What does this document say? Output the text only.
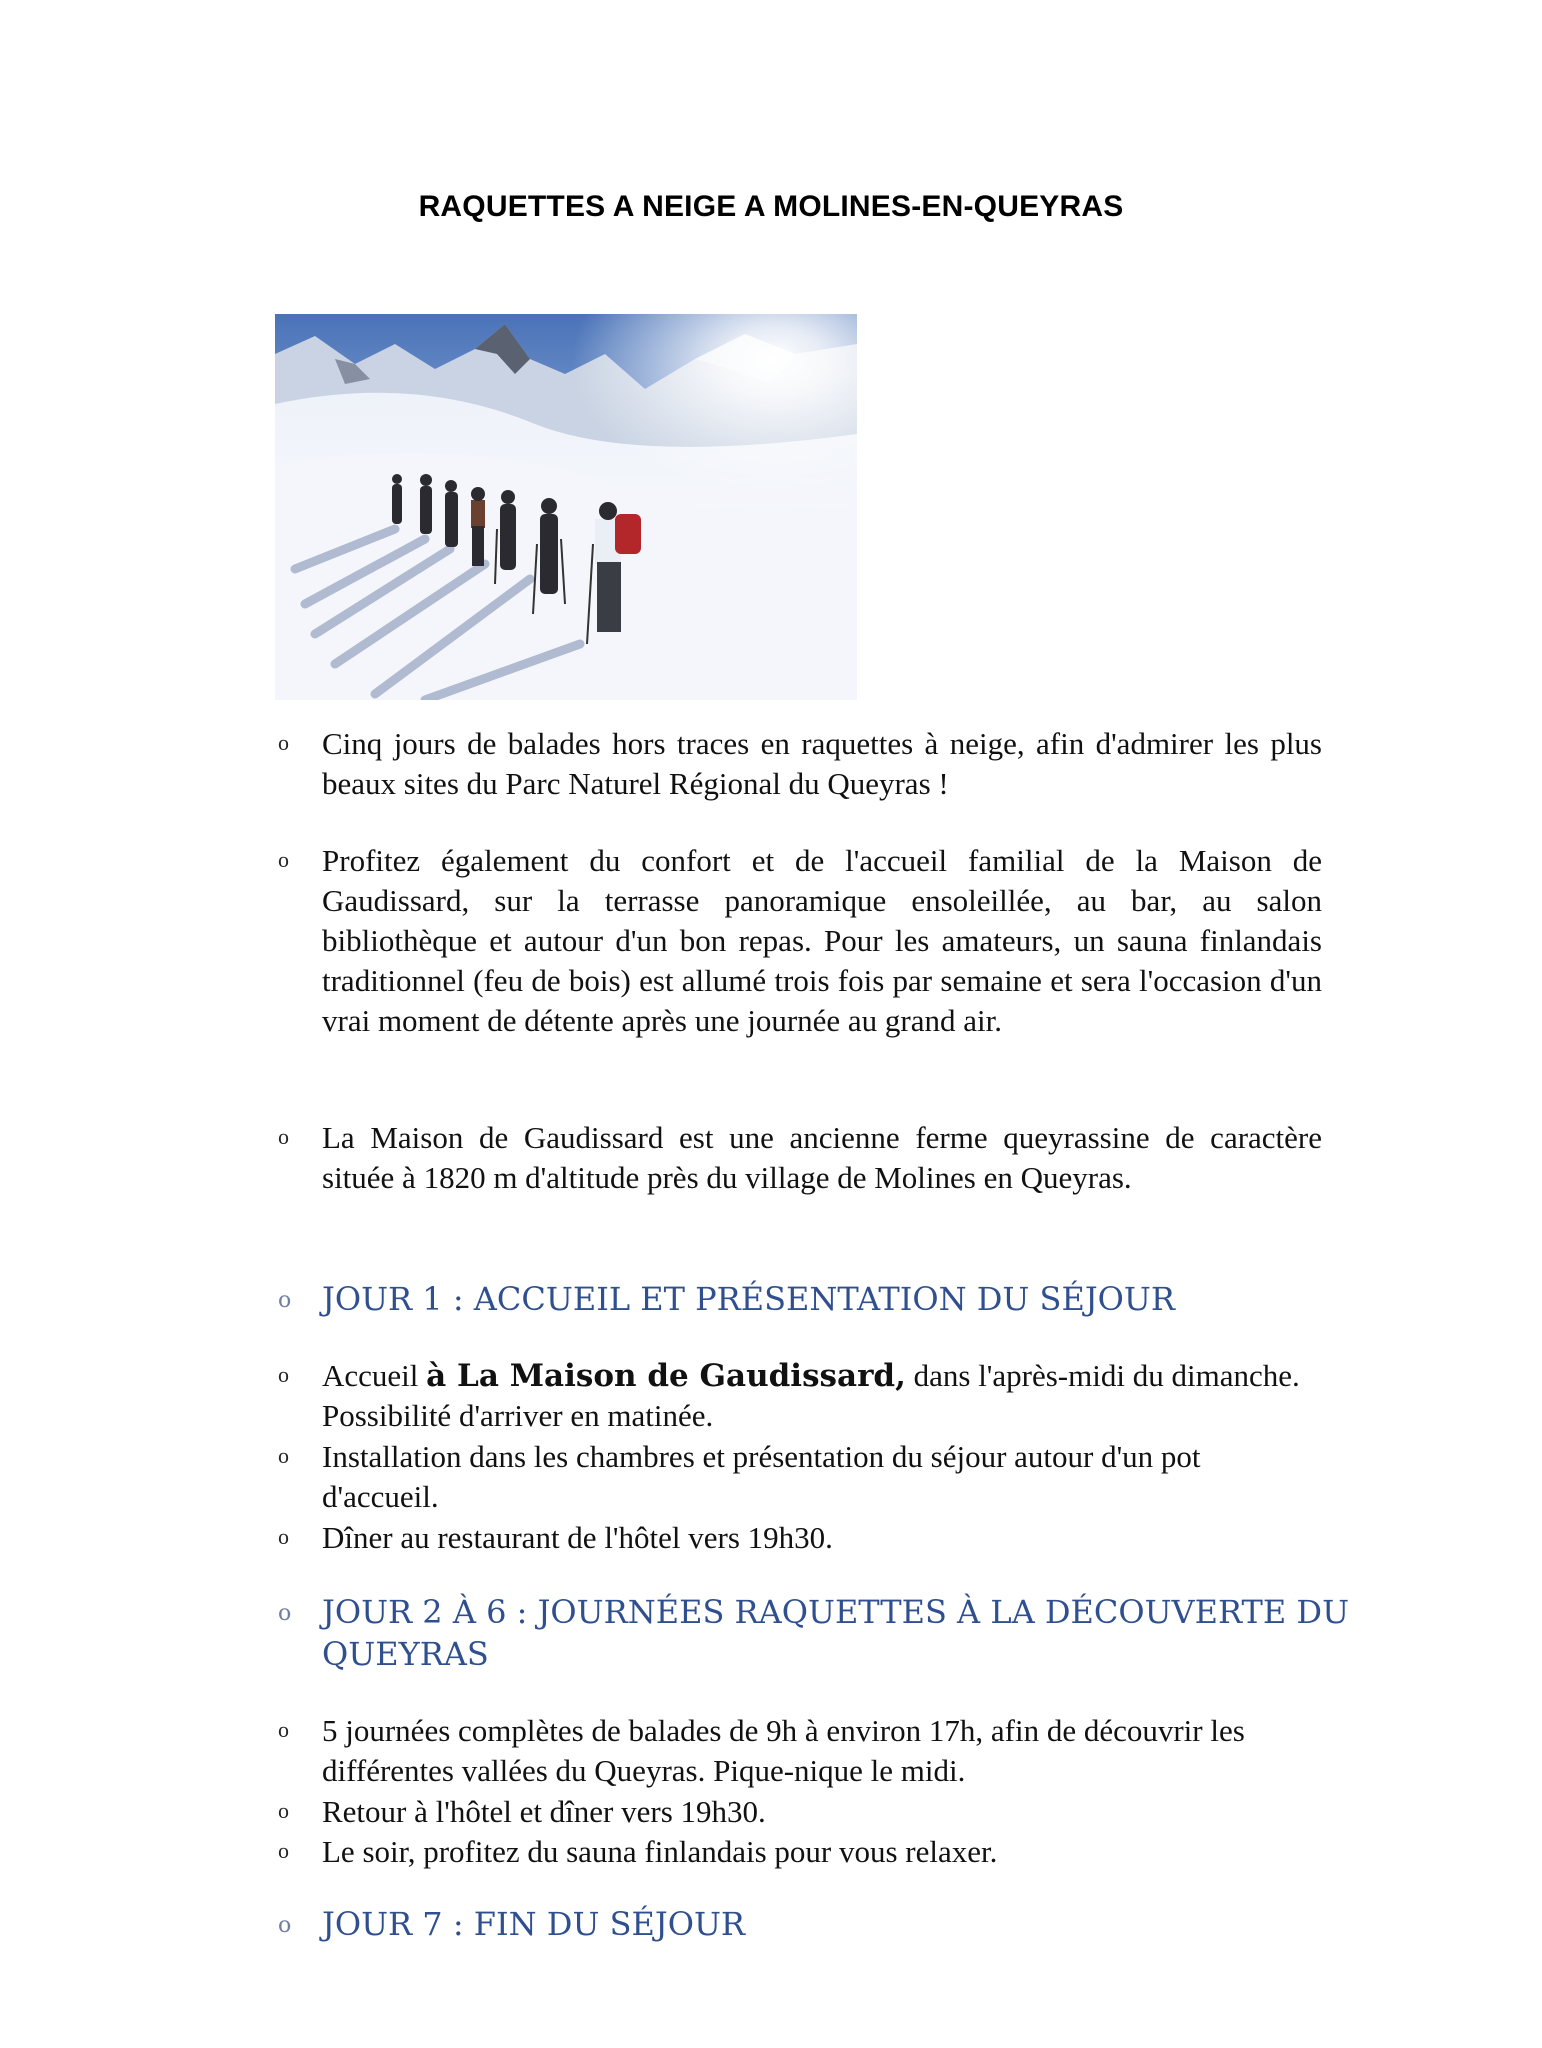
RAQUETTES A NEIGE A MOLINES-EN-QUEYRAS
o	Cinq jours de balades hors traces en raquettes à neige, afin d'admirer les plus beaux sites du Parc Naturel Régional du Queyras !
o	Profitez également du confort et de l'accueil familial de la Maison de Gaudissard, sur la terrasse panoramique ensoleillée, au bar, au salon bibliothèque et autour d'un bon repas. Pour les amateurs, un sauna finlandais traditionnel (feu de bois) est allumé trois fois par semaine et sera l'occasion d'un vrai moment de détente après une journée au grand air.
o	La Maison de Gaudissard est une ancienne ferme queyrassine de caractère située à 1820 m d'altitude près du village de Molines en Queyras.
o JOUR 1 : ACCUEIL ET PRÉSENTATION DU SÉJOUR
o	Accueil à La Maison de Gaudissard, dans l'après-midi du dimanche. Possibilité d'arriver en matinée.
o	Installation dans les chambres et présentation du séjour autour d'un pot d'accueil.
o	Dîner au restaurant de l'hôtel vers 19h30.
o JOUR 2 À 6 : JOURNÉES RAQUETTES À LA DÉCOUVERTE DU QUEYRAS
o	5 journées complètes de balades de 9h à environ 17h, afin de découvrir les différentes vallées du Queyras. Pique-nique le midi.
o	Retour à l'hôtel et dîner vers 19h30.
o	Le soir, profitez du sauna finlandais pour vous relaxer.
o JOUR 7 : FIN DU SÉJOUR
